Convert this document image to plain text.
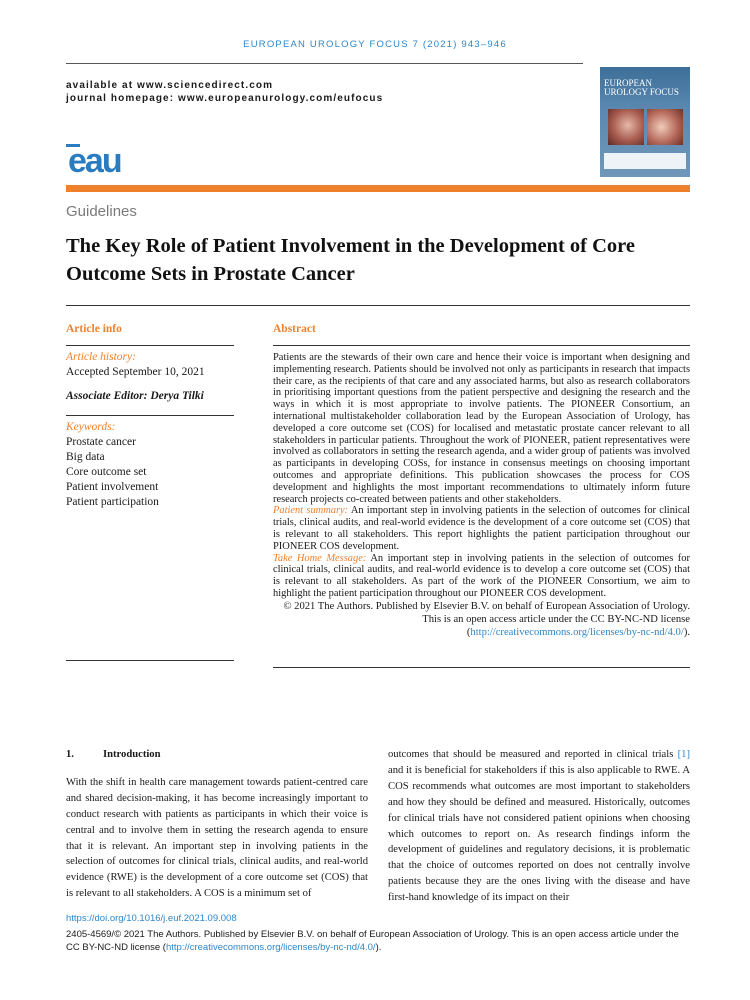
EUROPEAN UROLOGY FOCUS 7 (2021) 943–946
available at www.sciencedirect.com
journal homepage: www.europeanurology.com/eufocus
EUROPEAN
UROLOGY FOCUS
eau
Guidelines
The Key Role of Patient Involvement in the Development of Core Outcome Sets in Prostate Cancer
Article info	Abstract
Article history:
Accepted September 10, 2021
Associate Editor: Derya Tilki
Keywords:
Prostate cancer
Big data
Core outcome set
Patient involvement
Patient participation

Patients are the stewards of their own care and hence their voice is important when designing and implementing research. Patients should be involved not only as participants in research that impacts their care, as the recipients of that care and any associated harms, but also as research collaborators in prioritising important questions from the patient perspective and designing the research and the ways in which it is most appropriate to involve patients. The PIONEER Consortium, an international multistakeholder collaboration lead by the European Association of Urology, has developed a core outcome set (COS) for localised and metastatic prostate cancer relevant to all stakeholders in particular patients. Throughout the work of PIONEER, patient representatives were involved as collaborators in setting the research agenda, and a wider group of patients was involved as participants in developing COSs, for instance in consensus meetings on choosing important outcomes and appropriate definitions. This publication showcases the process for COS development and highlights the most important recommendations to ultimately inform future research projects co-created between patients and other stakeholders.

Patient summary: An important step in involving patients in the selection of outcomes for clinical trials, clinical audits, and real-world evidence is the development of a core outcome set (COS) that is relevant to all stakeholders. This report highlights the patient participation throughout our PIONEER COS development.

Take Home Message: An important step in involving patients in the selection of outcomes for clinical trials, clinical audits, and real-world evidence is to develop a core outcome set (COS) that is relevant to all stakeholders. As part of the work of the PIONEER Consortium, we aim to highlight the patient participation throughout our PIONEER COS development.

© 2021 The Authors. Published by Elsevier B.V. on behalf of European Association of Urology. This is an open access article under the CC BY-NC-ND license (http://creativecommons.org/licenses/by-nc-nd/4.0/).

1.	Introduction

With the shift in health care management towards patient-centred care and shared decision-making, it has become increasingly important to conduct research with patients as participants in which their voice is central and to involve them in setting the research agenda to ensure that it is relevant. An important step in involving patients in the selection of outcomes for clinical trials, clinical audits, and real-world evidence (RWE) is the development of a core outcome set (COS) that is relevant to all stakeholders. A COS is a minimum set of

outcomes that should be measured and reported in clinical trials [1] and it is beneficial for stakeholders if this is also applicable to RWE. A COS recommends what outcomes are most important to stakeholders and how they should be defined and measured. Historically, outcomes for clinical trials have not considered patient opinions when choosing which outcomes to report on. As research findings inform the development of guidelines and regulatory decisions, it is problematic that the choice of outcomes reported on does not centrally involve patients because they are the ones living with the disease and have first-hand knowledge of its impact on their

https://doi.org/10.1016/j.euf.2021.09.008
2405-4569/© 2021 The Authors. Published by Elsevier B.V. on behalf of European Association of Urology. This is an open access article under the CC BY-NC-ND license (http://creativecommons.org/licenses/by-nc-nd/4.0/).
